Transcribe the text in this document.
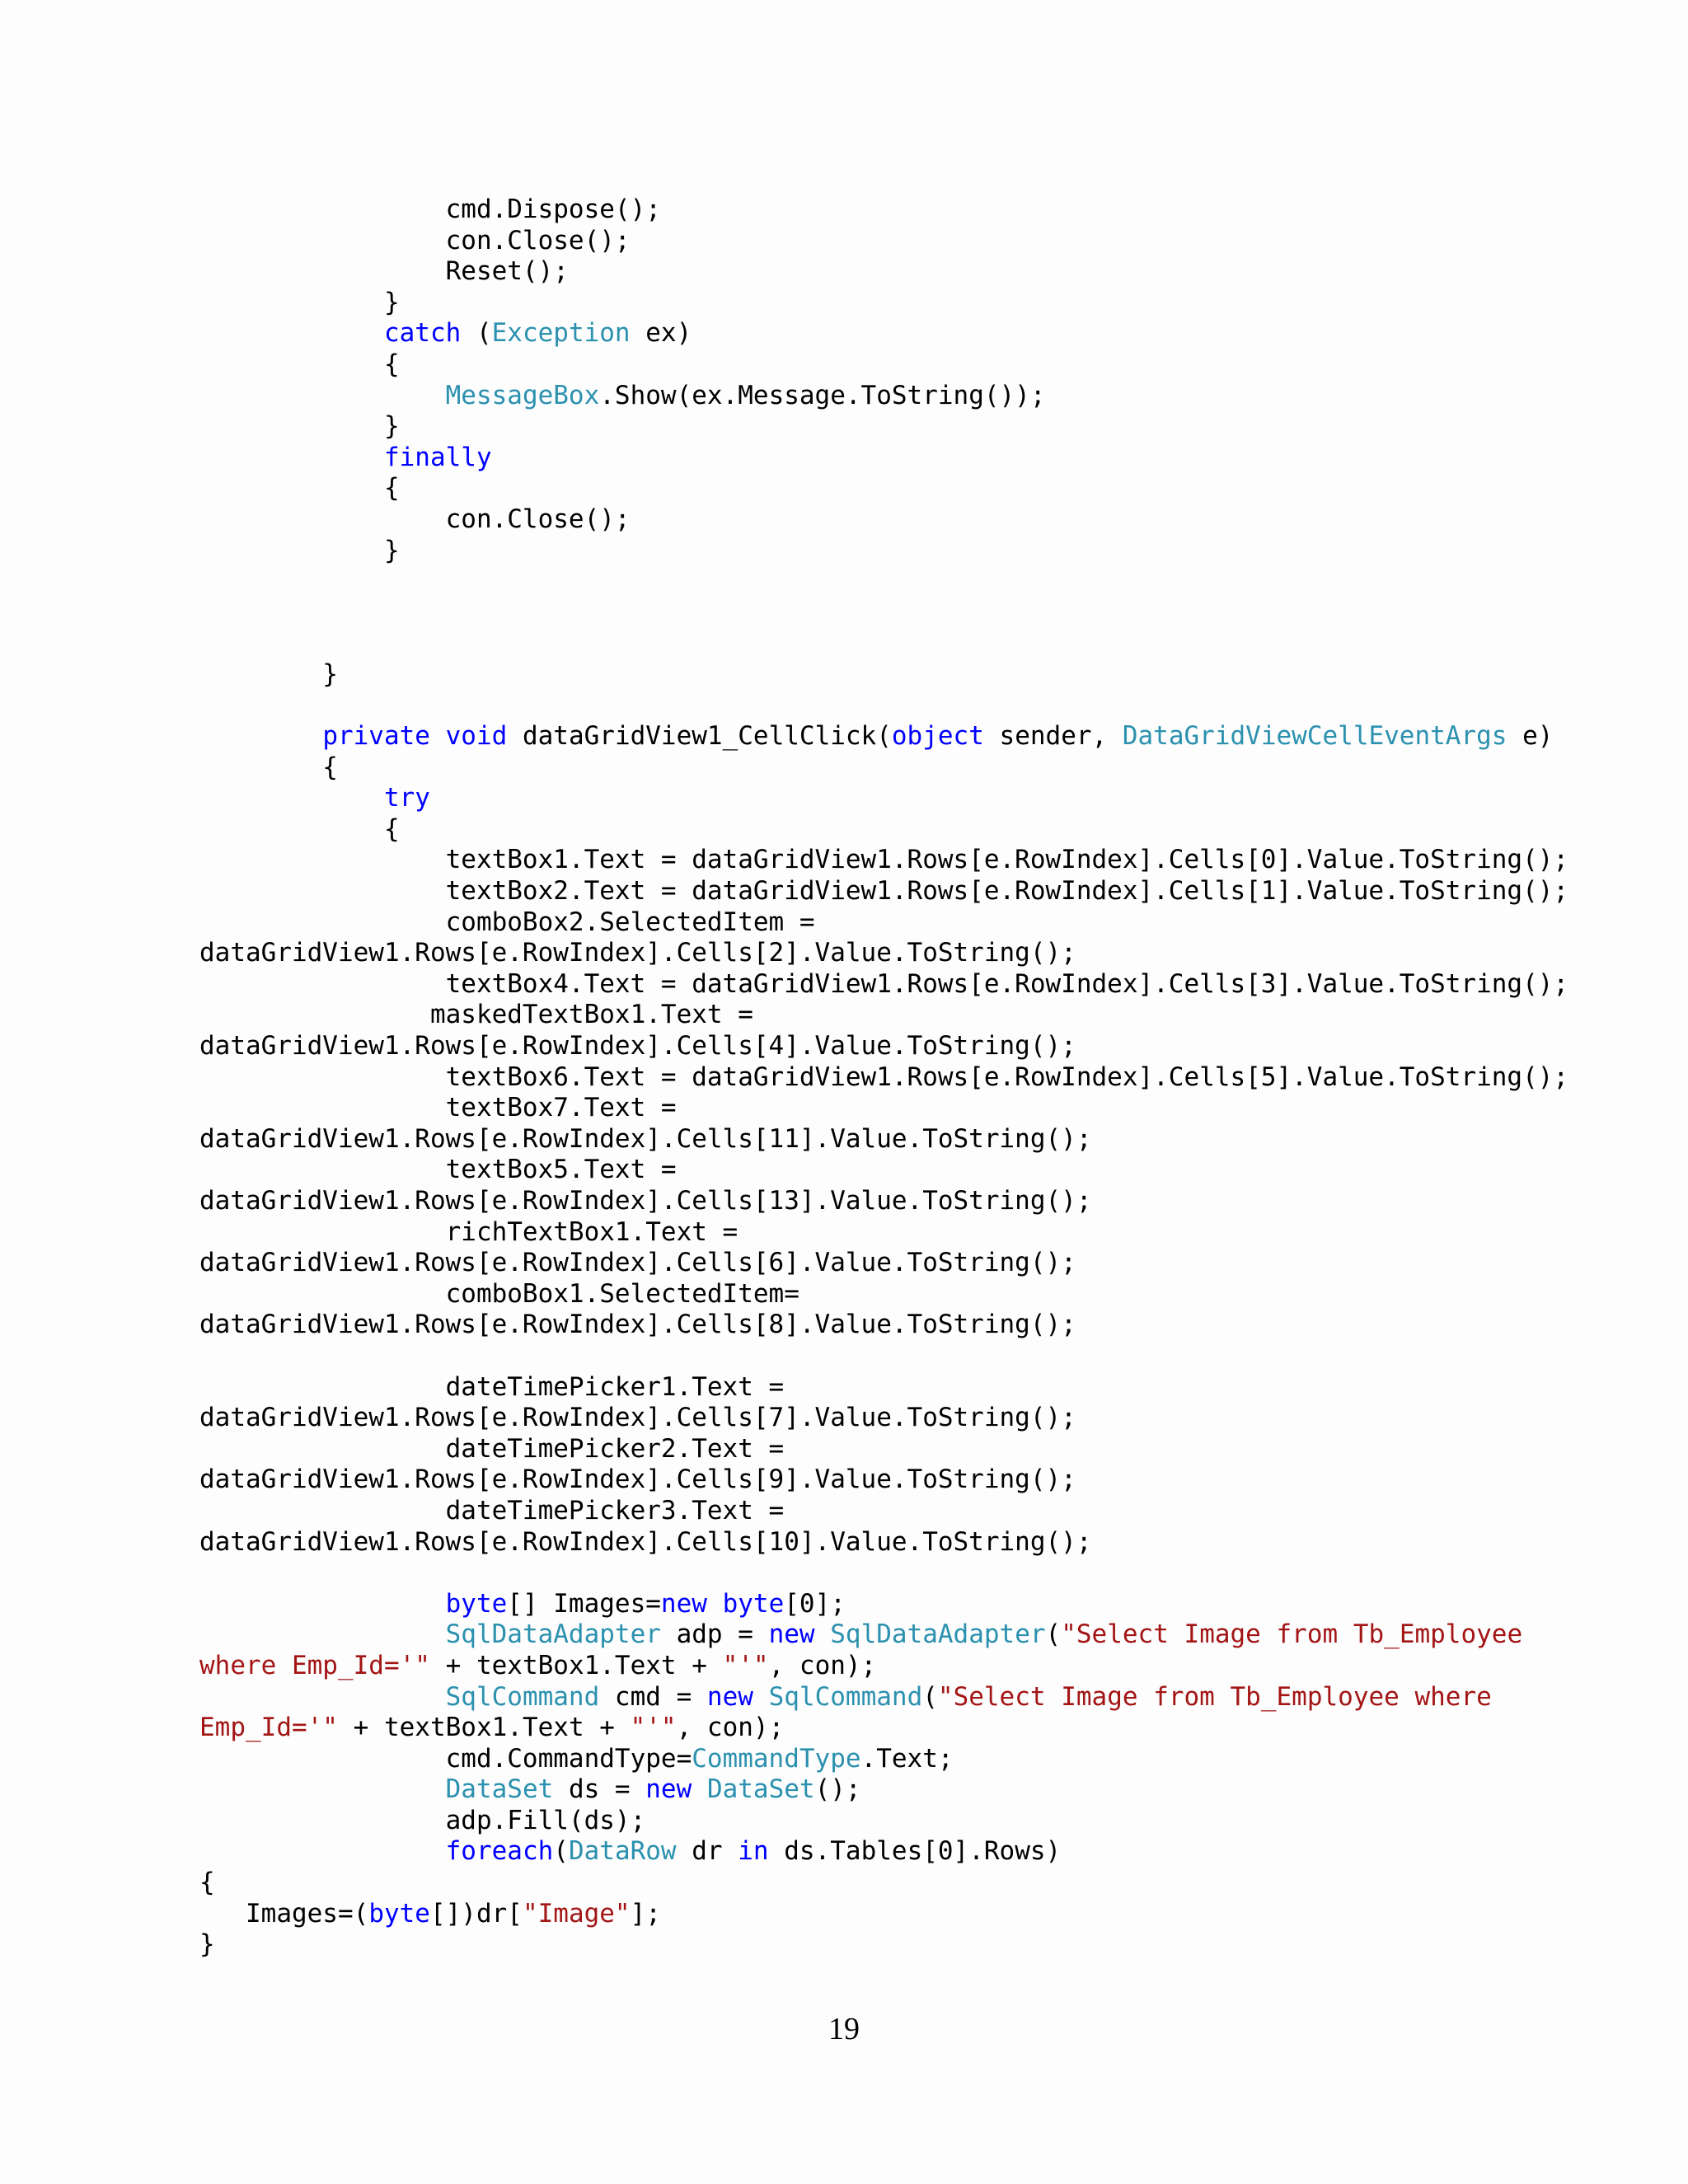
cmd.Dispose();
con.Close();
Reset();
}
catch (Exception ex)
{
MessageBox.Show(ex.Message.ToString());
}
finally
{
con.Close();
}

}

private void dataGridView1_CellClick(object sender, DataGridViewCellEventArgs e)
{
try
{
textBox1.Text = dataGridView1.Rows[e.RowIndex].Cells[0].Value.ToString();
textBox2.Text = dataGridView1.Rows[e.RowIndex].Cells[1].Value.ToString();
comboBox2.SelectedItem =
dataGridView1.Rows[e.RowIndex].Cells[2].Value.ToString();
textBox4.Text = dataGridView1.Rows[e.RowIndex].Cells[3].Value.ToString();
maskedTextBox1.Text =
dataGridView1.Rows[e.RowIndex].Cells[4].Value.ToString();
textBox6.Text = dataGridView1.Rows[e.RowIndex].Cells[5].Value.ToString();
textBox7.Text =
dataGridView1.Rows[e.RowIndex].Cells[11].Value.ToString();
textBox5.Text =
dataGridView1.Rows[e.RowIndex].Cells[13].Value.ToString();
richTextBox1.Text =
dataGridView1.Rows[e.RowIndex].Cells[6].Value.ToString();
comboBox1.SelectedItem=
dataGridView1.Rows[e.RowIndex].Cells[8].Value.ToString();

dateTimePicker1.Text =
dataGridView1.Rows[e.RowIndex].Cells[7].Value.ToString();
dateTimePicker2.Text =
dataGridView1.Rows[e.RowIndex].Cells[9].Value.ToString();
dateTimePicker3.Text =
dataGridView1.Rows[e.RowIndex].Cells[10].Value.ToString();

byte[] Images=new byte[0];
SqlDataAdapter adp = new SqlDataAdapter("Select Image from Tb_Employee
where Emp_Id='" + textBox1.Text + "'", con);
SqlCommand cmd = new SqlCommand("Select Image from Tb_Employee where
Emp_Id='" + textBox1.Text + "'", con);
cmd.CommandType=CommandType.Text;
DataSet ds = new DataSet();
adp.Fill(ds);
foreach(DataRow dr in ds.Tables[0].Rows)
{
Images=(byte[])dr["Image"];
}
19
